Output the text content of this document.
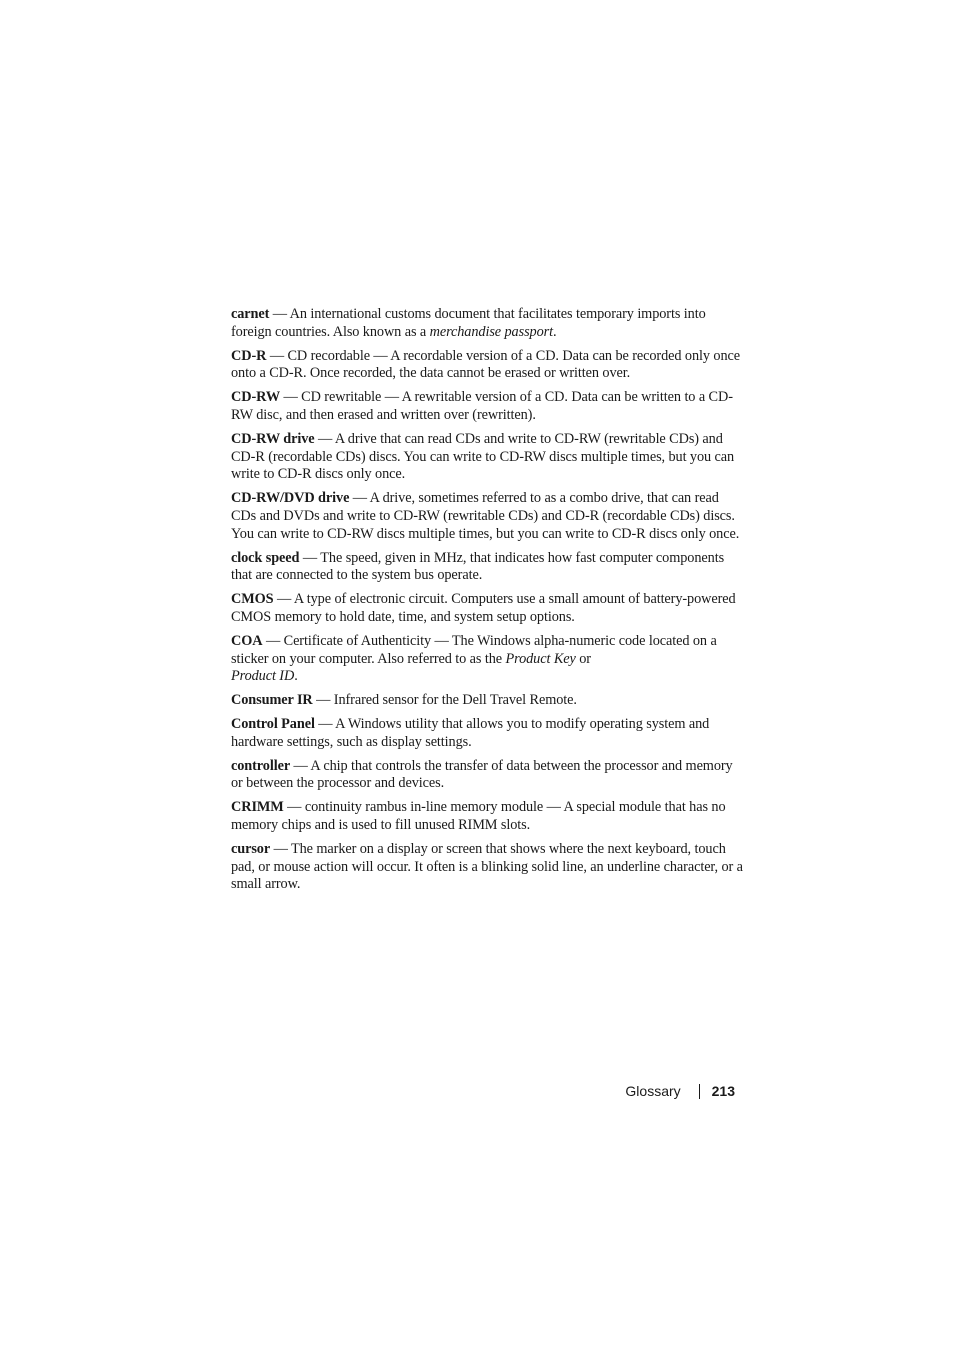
carnet — An international customs document that facilitates temporary imports into foreign countries. Also known as a merchandise passport.

CD-R — CD recordable — A recordable version of a CD. Data can be recorded only once onto a CD-R. Once recorded, the data cannot be erased or written over.

CD-RW — CD rewritable — A rewritable version of a CD. Data can be written to a CD-RW disc, and then erased and written over (rewritten).

CD-RW drive — A drive that can read CDs and write to CD-RW (rewritable CDs) and CD-R (recordable CDs) discs. You can write to CD-RW discs multiple times, but you can write to CD-R discs only once.

CD-RW/DVD drive — A drive, sometimes referred to as a combo drive, that can read CDs and DVDs and write to CD-RW (rewritable CDs) and CD-R (recordable CDs) discs. You can write to CD-RW discs multiple times, but you can write to CD-R discs only once.

clock speed — The speed, given in MHz, that indicates how fast computer components that are connected to the system bus operate.

CMOS — A type of electronic circuit. Computers use a small amount of battery-powered CMOS memory to hold date, time, and system setup options.

COA — Certificate of Authenticity — The Windows alpha-numeric code located on a sticker on your computer. Also referred to as the Product Key or
Product ID.

Consumer IR — Infrared sensor for the Dell Travel Remote.

Control Panel — A Windows utility that allows you to modify operating system and hardware settings, such as display settings.

controller — A chip that controls the transfer of data between the processor and memory or between the processor and devices.

CRIMM — continuity rambus in-line memory module — A special module that has no memory chips and is used to fill unused RIMM slots.

cursor — The marker on a display or screen that shows where the next keyboard, touch pad, or mouse action will occur. It often is a blinking solid line, an underline character, or a small arrow.

Glossary 213
